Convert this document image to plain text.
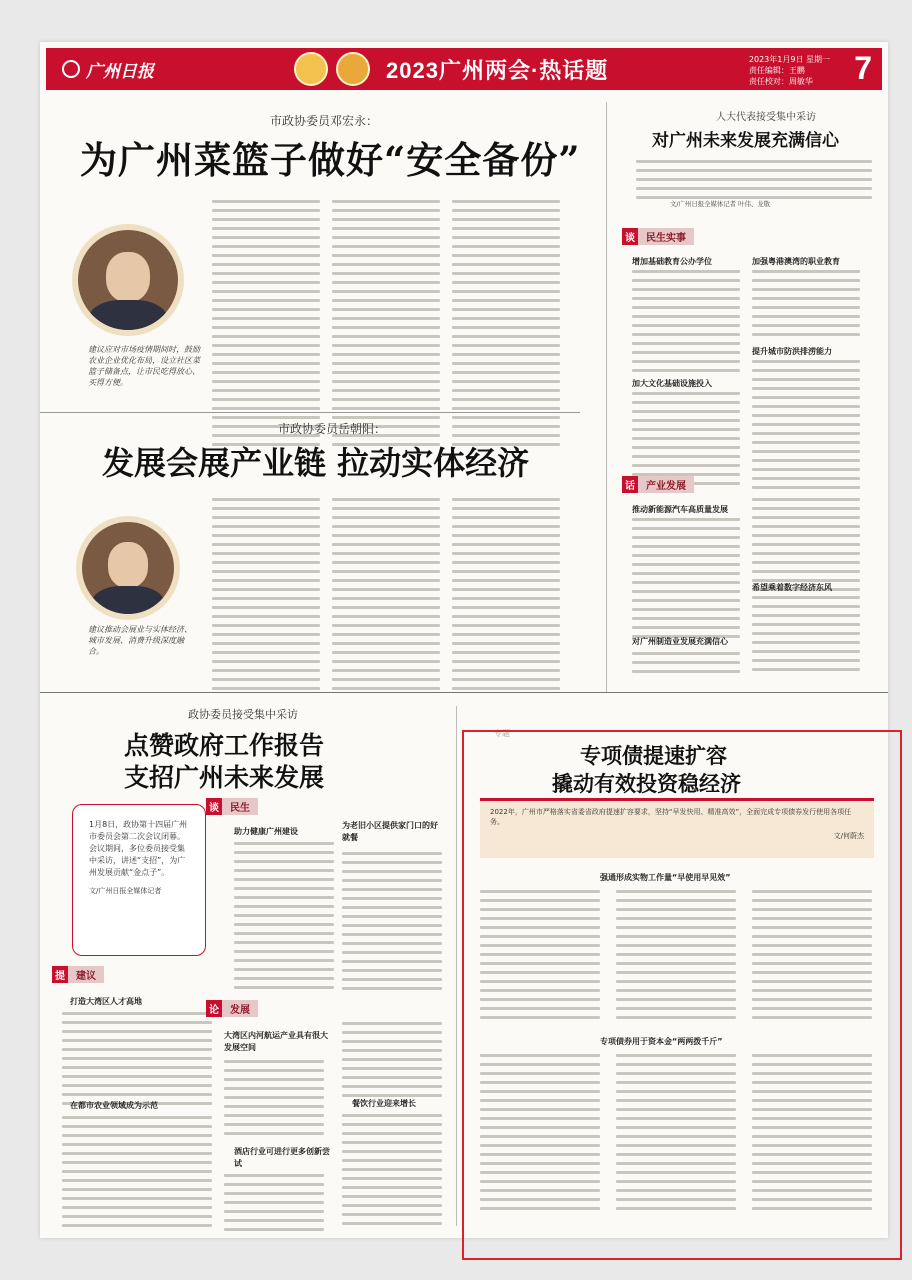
广州日报	2023广州两会·热话题	2023年1月9日 星期一
责任编辑：王鹏
责任校对：周敏华	7
市政协委员邓宏永：
为广州菜篮子做好“安全备份”
建议应对市场疫情期间时，鼓励农业企业优化布局，设立社区菜篮子储备点，让市民吃得放心、买得方便。
市政协委员岳朝阳：
发展会展产业链 拉动实体经济
建议推动会展业与实体经济、城市发展、消费升级深度融合。
人大代表接受集中采访
对广州未来发展充满信心
文/广州日报全媒体记者 叶伟、龙敬
谈	民生实事
增加基础教育公办学位	加强粤港澳湾的职业教育
加大文化基础设施投入
提升城市防洪排涝能力
话	产业发展
推动新能源汽车高质量发展
希望乘着数字经济东风
对广州制造业发展充满信心
政协委员接受集中采访
点赞政府工作报告
支招广州未来发展
1月8日，政协第十四届广州市委员会第二次会议闭幕。会议期间，多位委员接受集中采访，讲述“支招”，为广州发展贡献“金点子”。
文/广州日报全媒体记者
谈	民生
助力健康广州建设
为老旧小区提供家门口的好就餐
提	建议
打造大湾区人才高地
在都市农业领域成为示范
论	发展
大湾区内河航运产业具有很大发展空间
酒店行业可进行更多创新尝试
餐饮行业迎来增长
专题
专项债提速扩容
撬动有效投资稳经济
2022年，广州市严格落实省委省政府提速扩容要求，坚持“早发快用、精准高效”，全面完成专项债券发行使用各项任务。
文/何蔚杰
强通形成实物工作量“早使用早见效”
专项债券用于资本金“两两拨千斤”
